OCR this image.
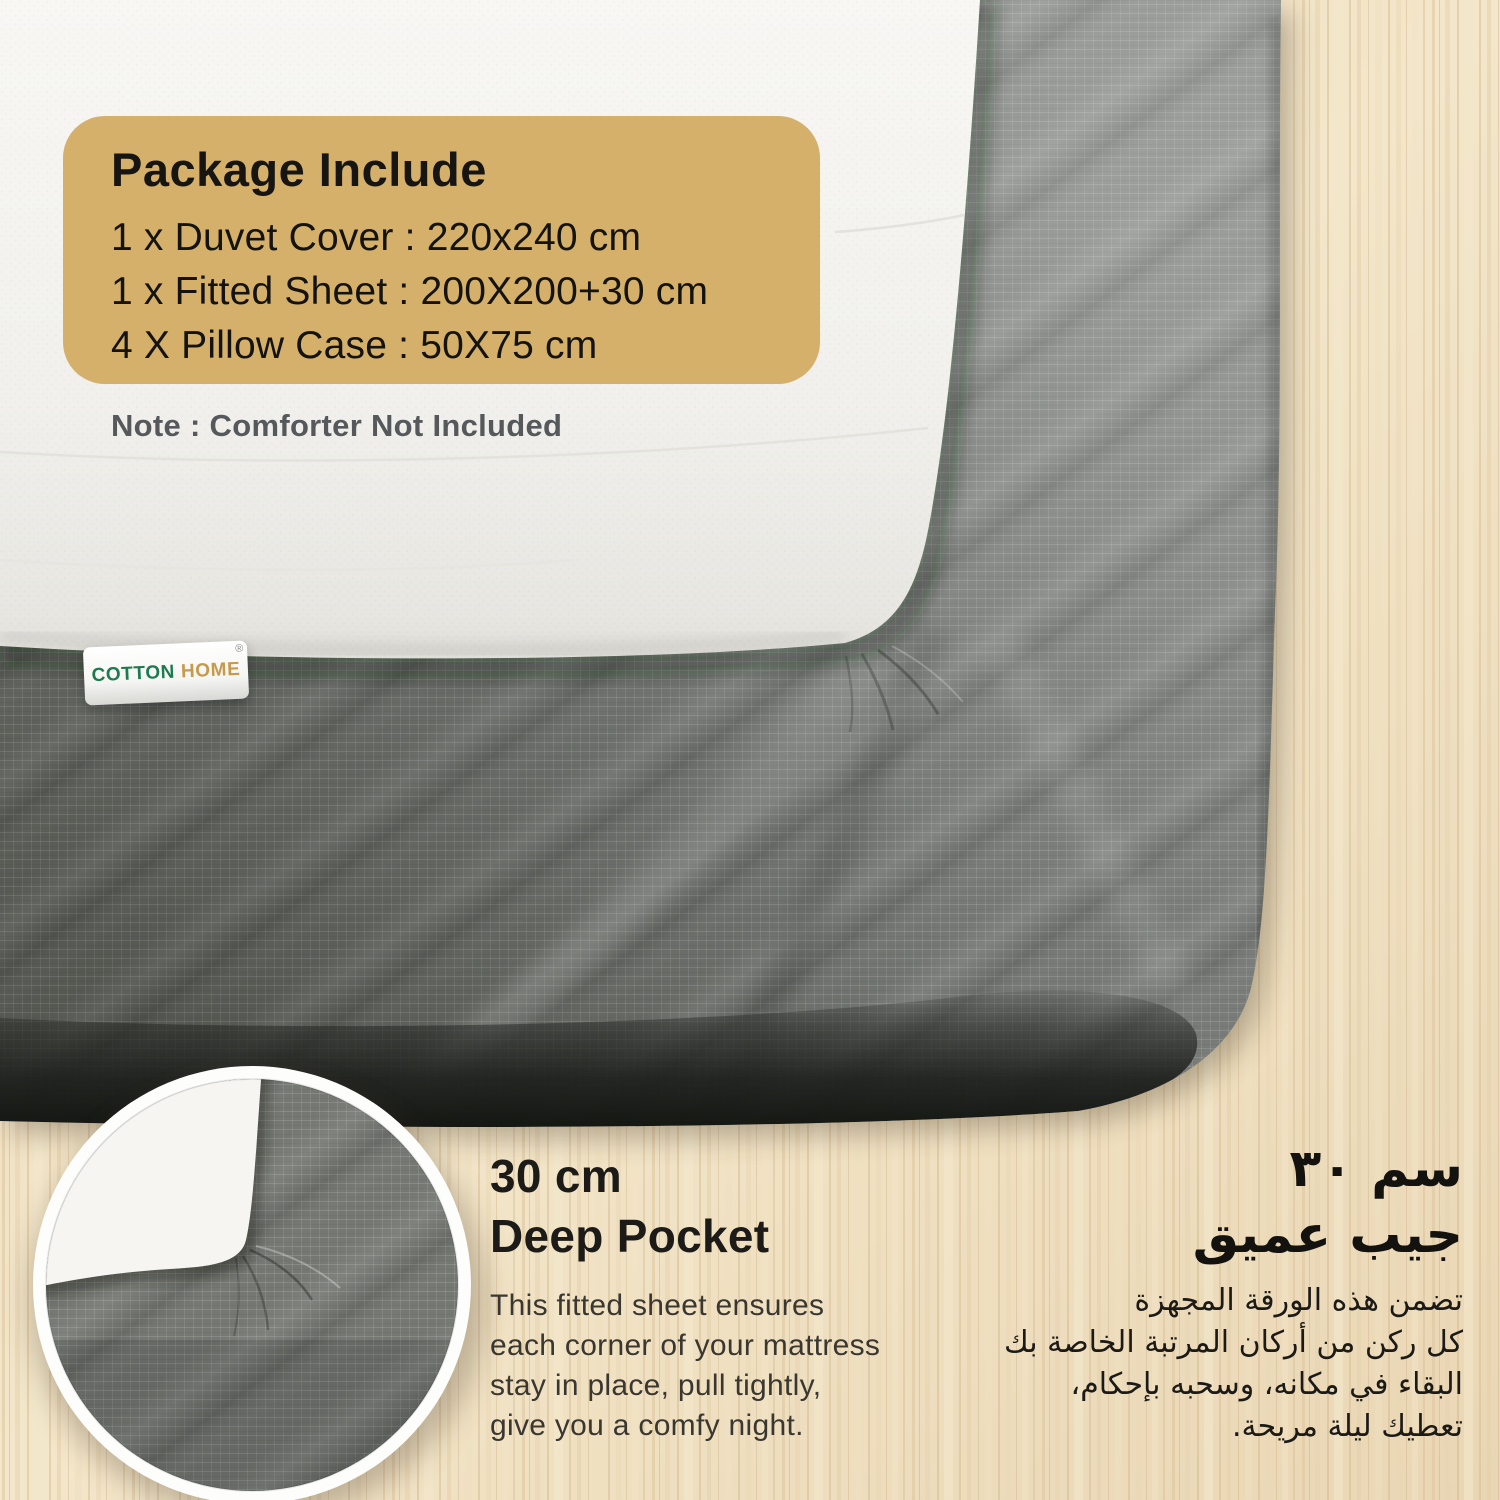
Package Include
1 x Duvet Cover : 220x240 cm
1 x Fitted Sheet : 200X200+30 cm
4 X Pillow Case : 50X75 cm
Note : Comforter Not Included
COTTON HOME
®
30 cm
Deep Pocket
This fitted sheet ensures
each corner of your mattress
stay in place, pull tightly,
give you a comfy night.
سم ٣٠
جيب عميق
تضمن هذه الورقة المجهزة
كل ركن من أركان المرتبة الخاصة بك
البقاء في مكانه، وسحبه بإحكام،
تعطيك ليلة مريحة.
